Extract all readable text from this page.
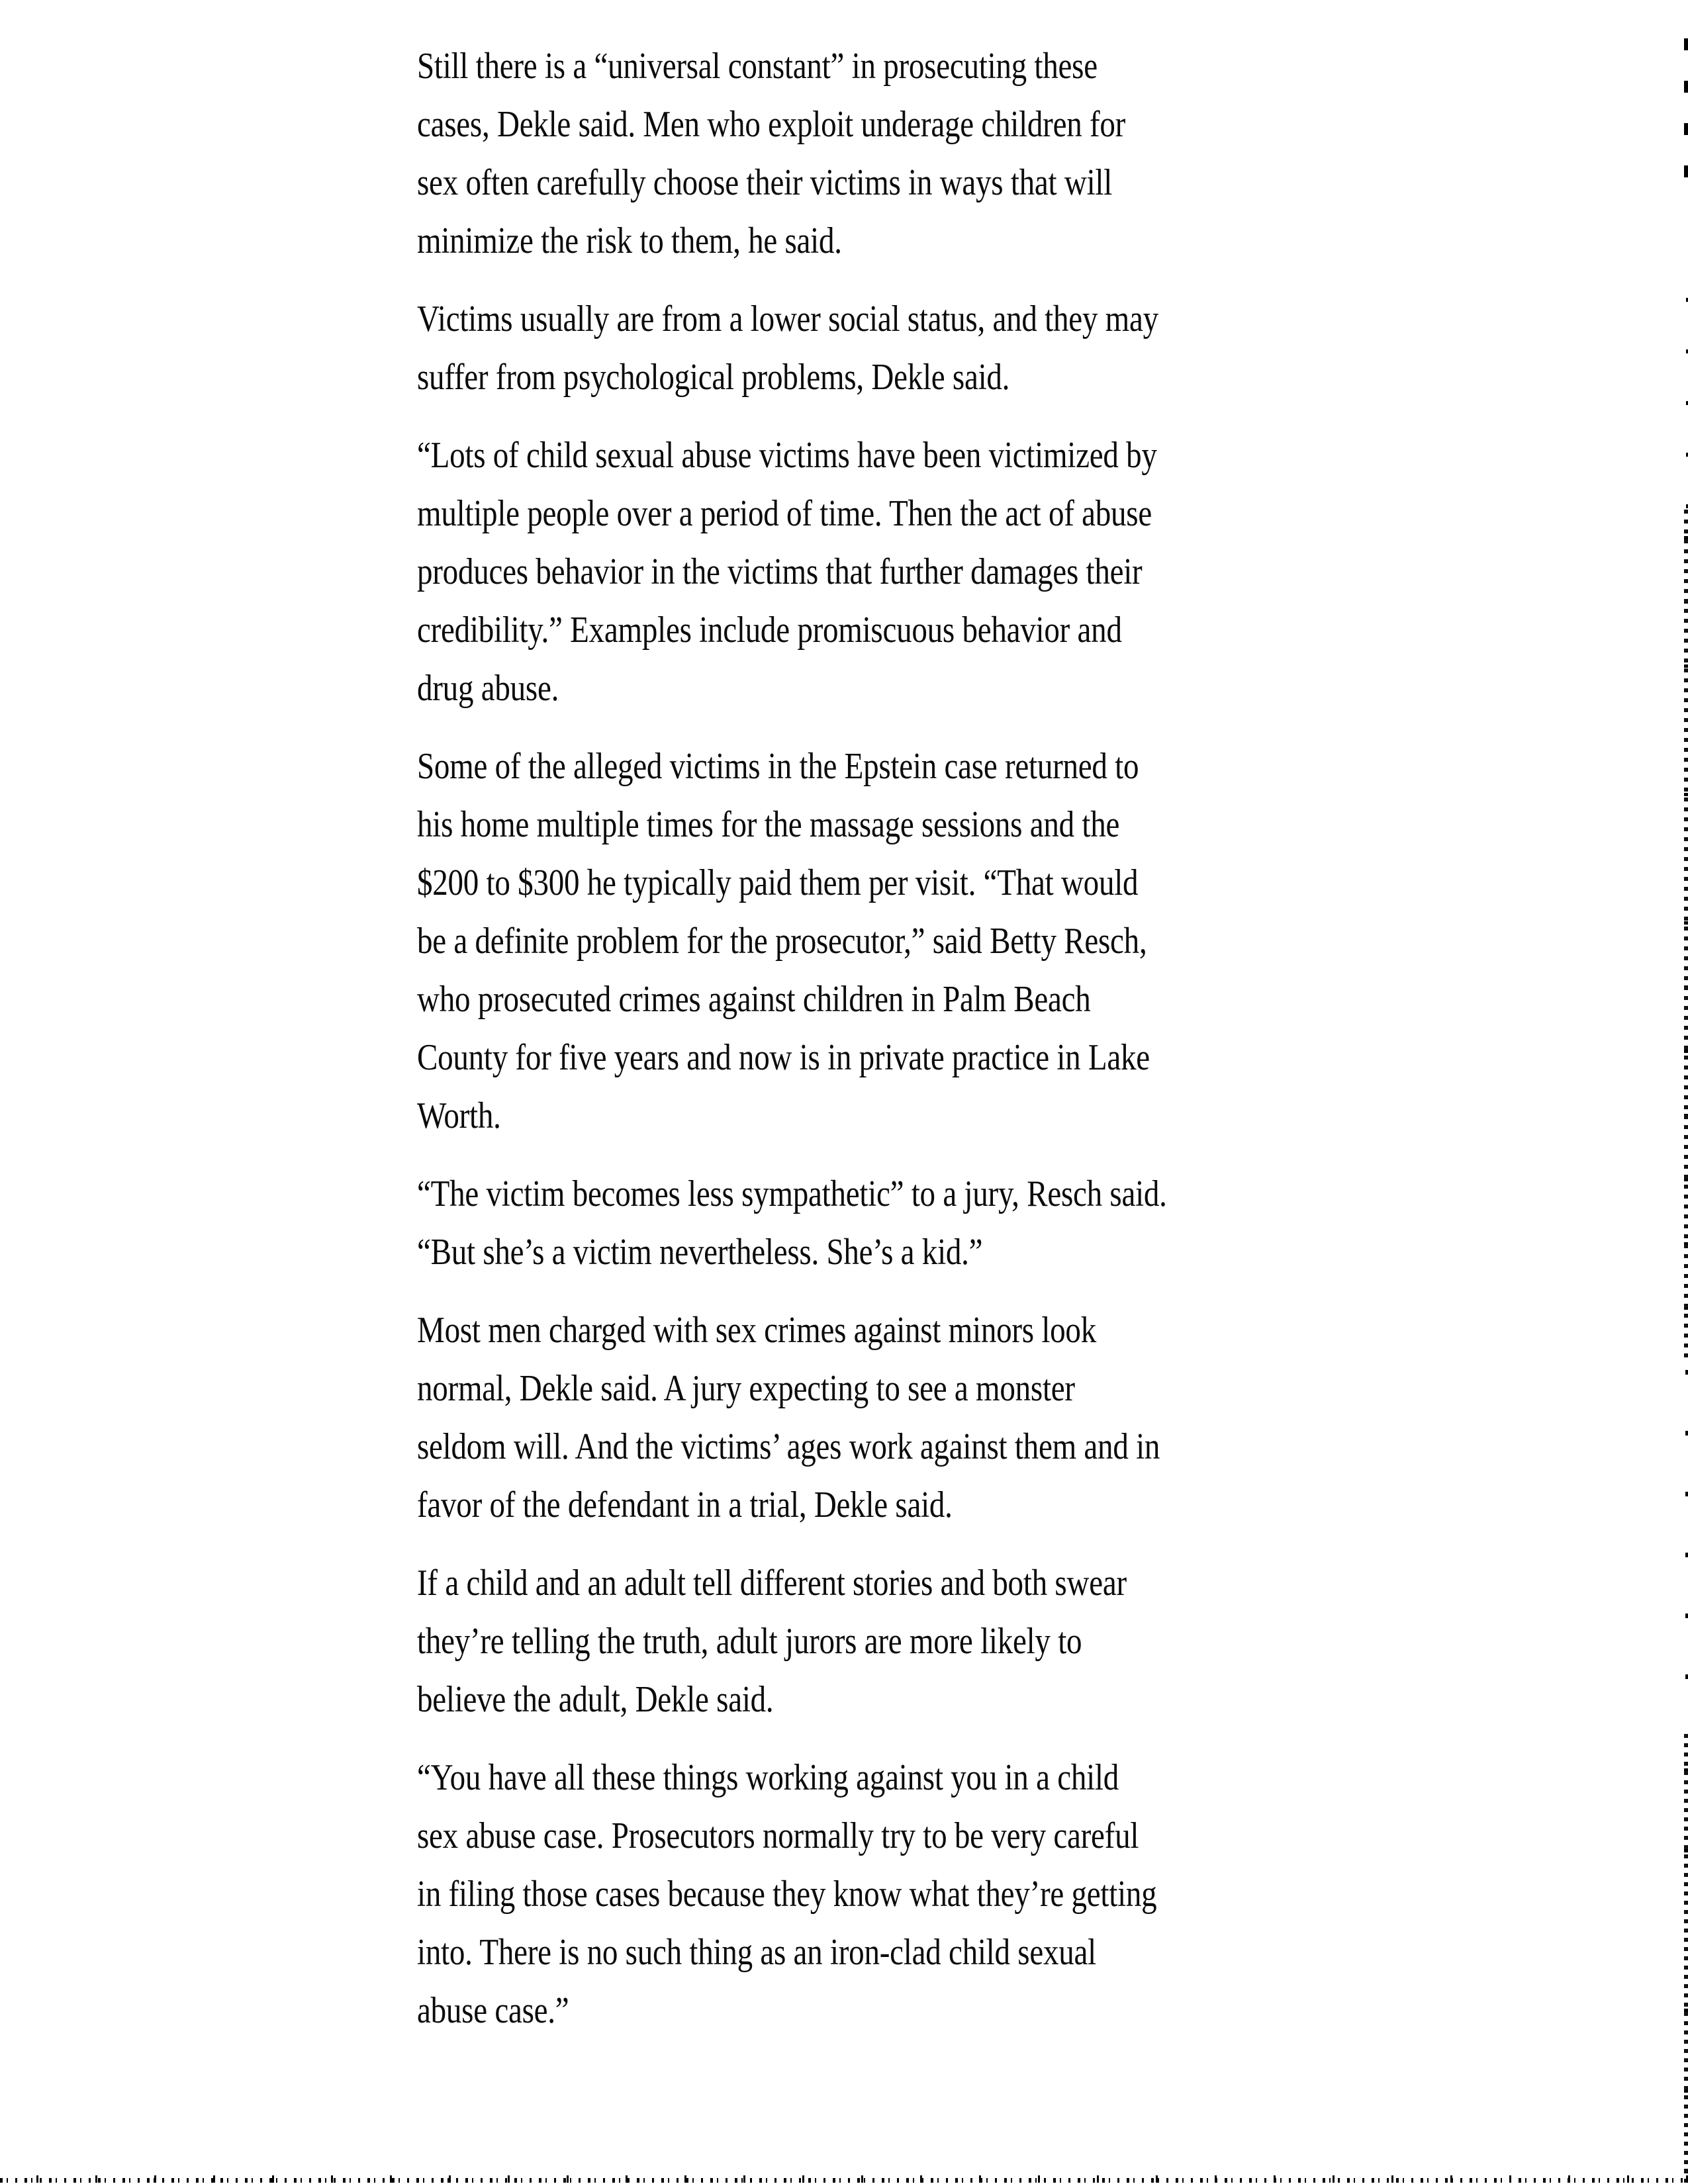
Still there is a “universal constant” in prosecuting these
cases, Dekle said. Men who exploit underage children for
sex often carefully choose their victims in ways that will
minimize the risk to them, he said.

Victims usually are from a lower social status, and they may
suffer from psychological problems, Dekle said.

“Lots of child sexual abuse victims have been victimized by
multiple people over a period of time. Then the act of abuse
produces behavior in the victims that further damages their
credibility.” Examples include promiscuous behavior and
drug abuse.

Some of the alleged victims in the Epstein case returned to
his home multiple times for the massage sessions and the
$200 to $300 he typically paid them per visit. “That would
be a definite problem for the prosecutor,” said Betty Resch,
who prosecuted crimes against children in Palm Beach
County for five years and now is in private practice in Lake
Worth.

“The victim becomes less sympathetic” to a jury, Resch said.
“But she’s a victim nevertheless. She’s a kid.”

Most men charged with sex crimes against minors look
normal, Dekle said. A jury expecting to see a monster
seldom will. And the victims’ ages work against them and in
favor of the defendant in a trial, Dekle said.

If a child and an adult tell different stories and both swear
they’re telling the truth, adult jurors are more likely to
believe the adult, Dekle said.

“You have all these things working against you in a child
sex abuse case. Prosecutors normally try to be very careful
in filing those cases because they know what they’re getting
into. There is no such thing as an iron-clad child sexual
abuse case.”
